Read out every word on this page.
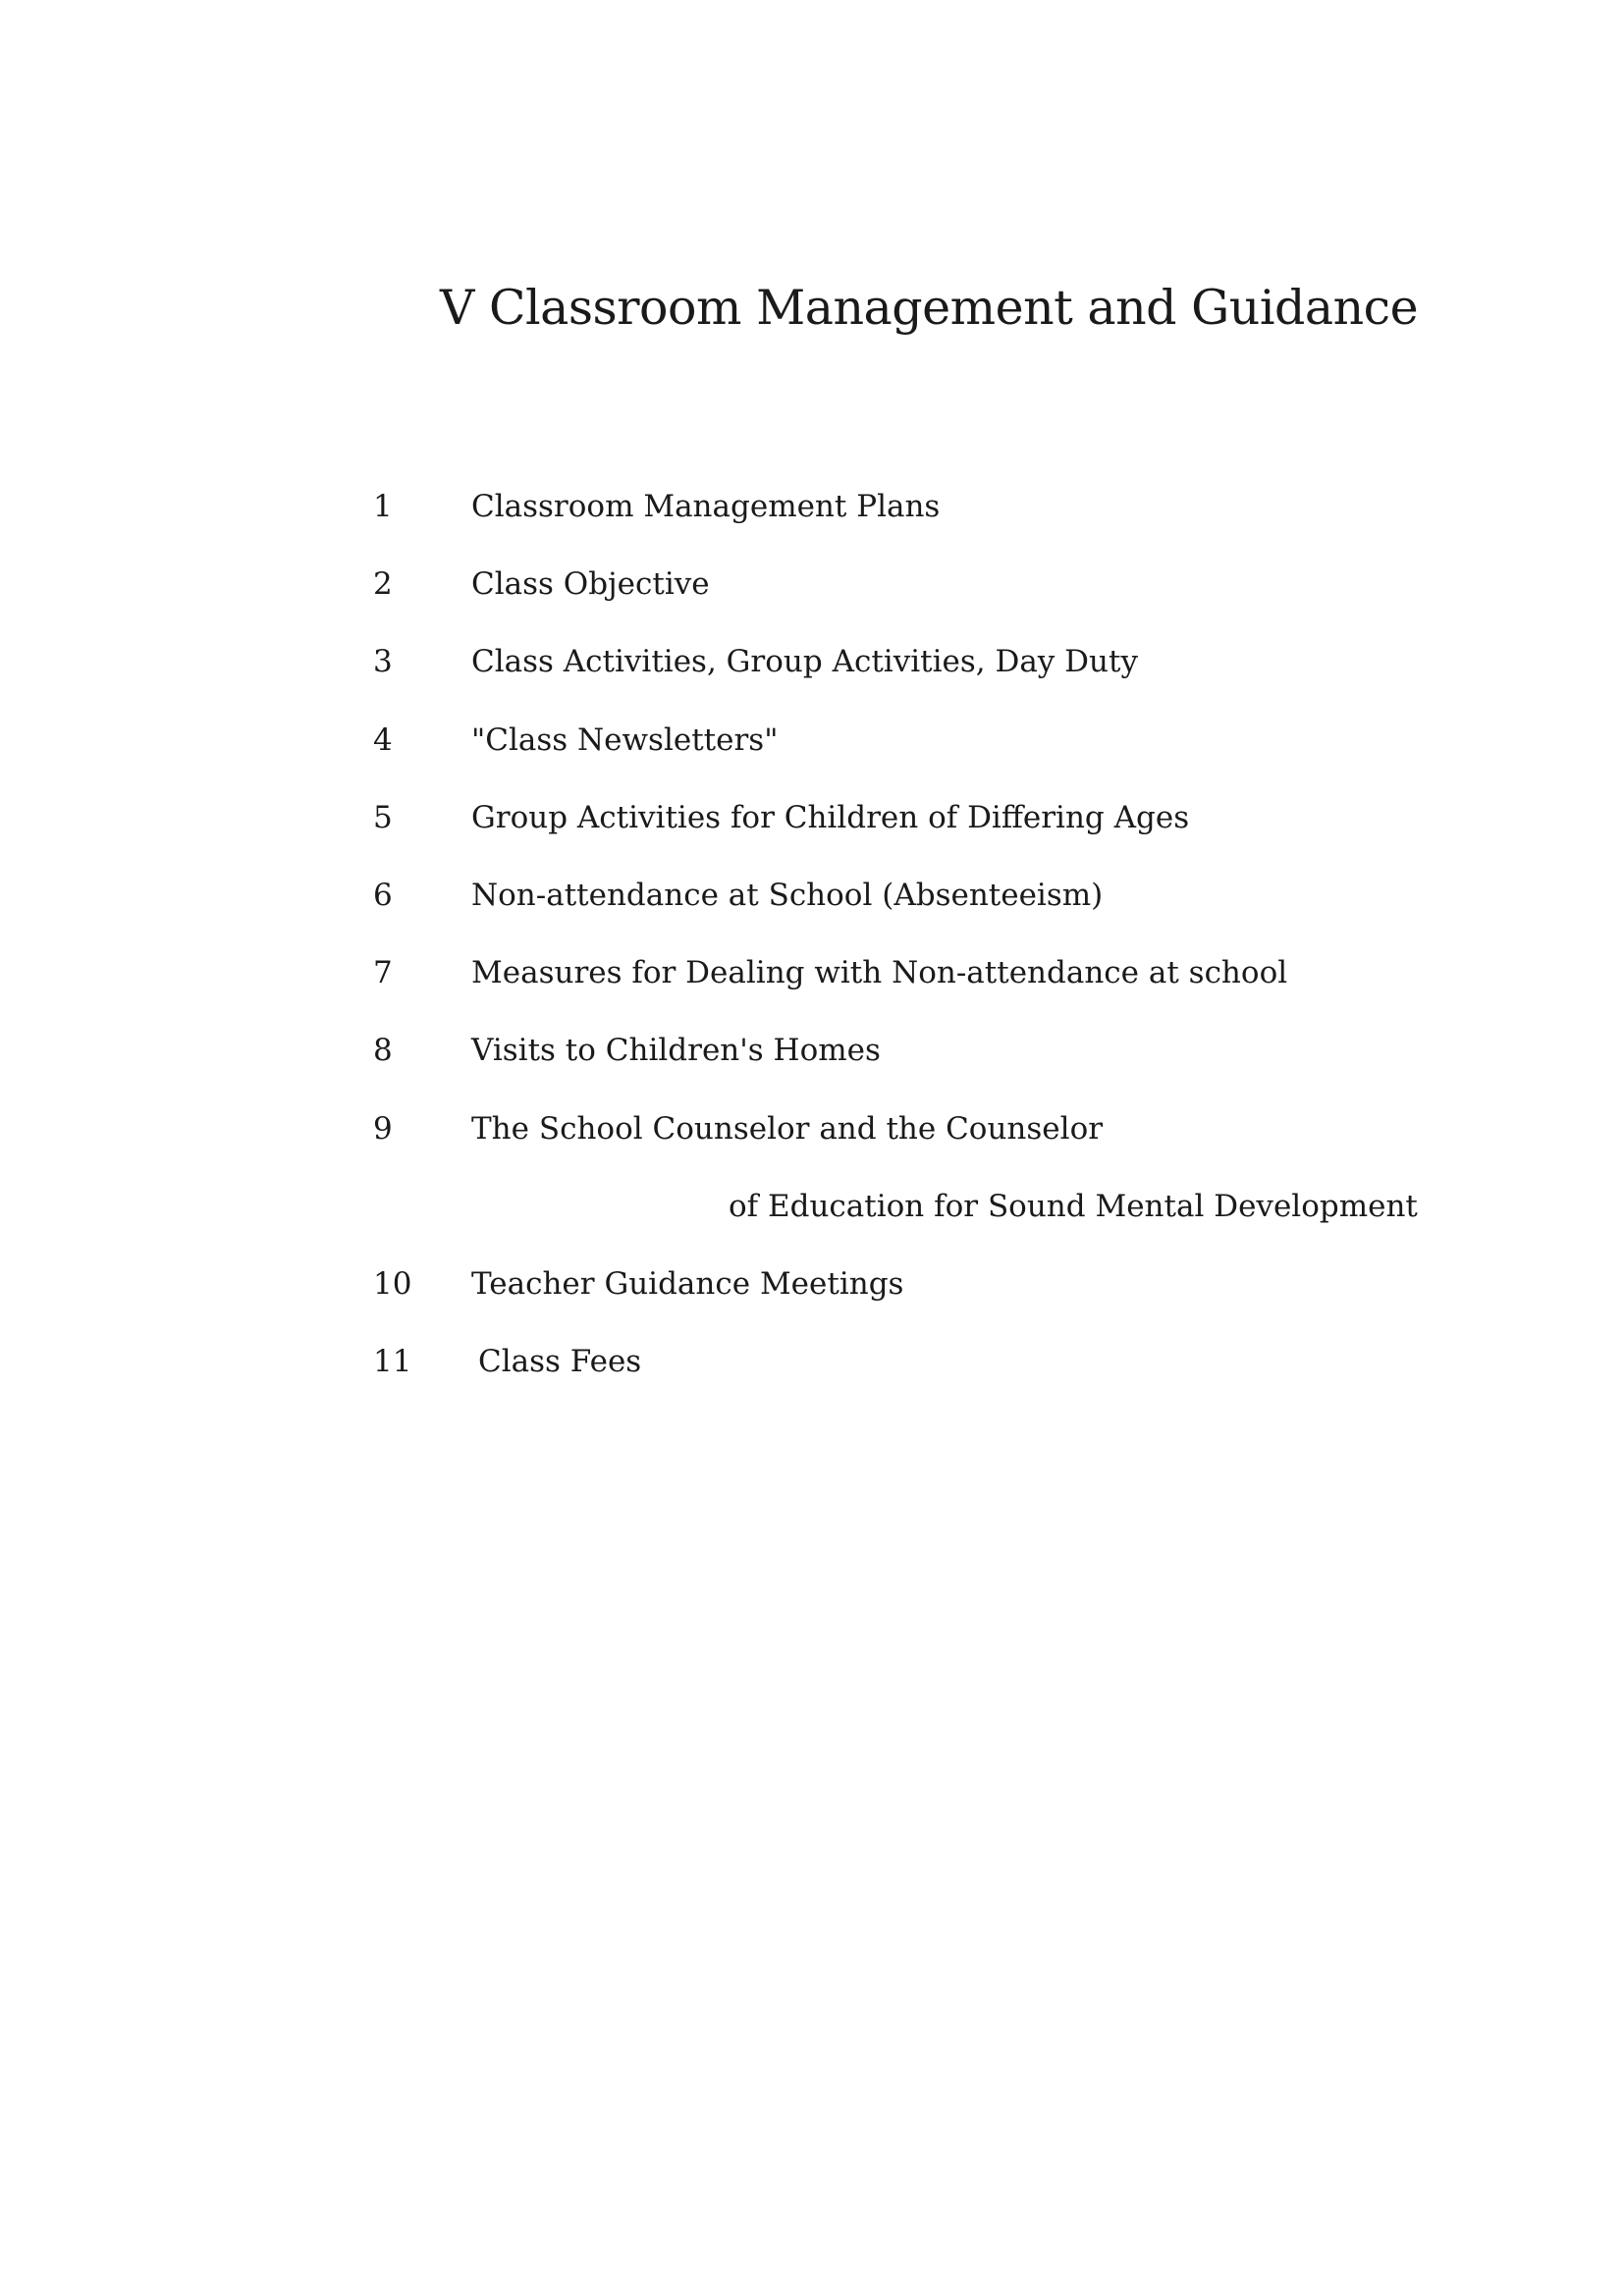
V Classroom Management and Guidance
1	Classroom Management Plans
2	Class Objective
3	Class Activities, Group Activities, Day Duty
4	"Class Newsletters"
5	Group Activities for Children of Differing Ages
6	Non-attendance at School (Absenteeism)
7	Measures for Dealing with Non-attendance at school
8	Visits to Children's Homes
9	The School Counselor and the Counselor
of Education for Sound Mental Development
10 Teacher Guidance Meetings
11 Class Fees
